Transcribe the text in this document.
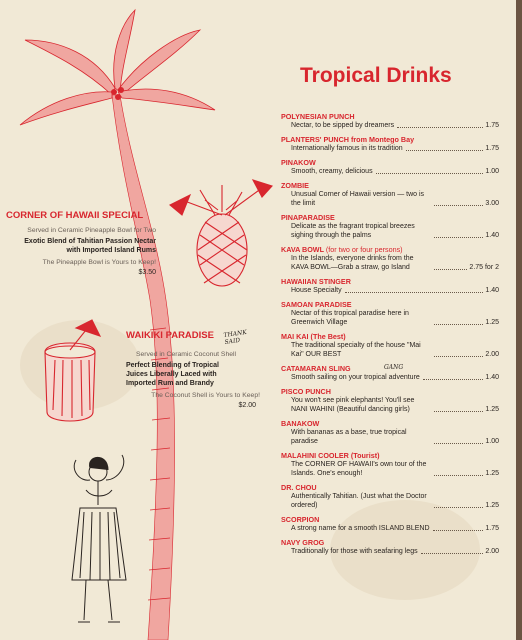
Tropical Drinks
CORNER OF HAWAII SPECIAL
Served in Ceramic Pineapple Bowl for Two
Exotic Blend of Tahitian Passion Nectar with Imported Island Rums
The Pineapple Bowl is Yours to Keep!
$3.50
WAIKIKI PARADISE
Served in Ceramic Coconut Shell
Perfect Blending of Tropical Juices Liberally Laced with Imported Rum and Brandy
The Coconut Shell is Yours to Keep!
$2.00
THANK SAID
GANG
POLYNESIAN PUNCH
Nectar, to be sipped by dreamers	1.75
PLANTERS' PUNCH from Montego Bay
Internationally famous in its tradition	1.75
PINAKOW
Smooth, creamy, delicious	1.00
ZOMBIE
Unusual Corner of Hawaii version — two is the limit	3.00
PINAPARADISE
Delicate as the fragrant tropical breezes sighing through the palms	1.40
KAVA BOWL (for two or four persons)
In the Islands, everyone drinks from the KAVA BOWL—Grab a straw, go Island	2.75 for 2
HAWAIIAN STINGER
House Specialty	1.40
SAMOAN PARADISE
Nectar of this tropical paradise here in Greenwich Village	1.25
MAI KAI (The Best)
The traditional specialty of the house "Mai Kai" OUR BEST	2.00
CATAMARAN SLING
Smooth sailing on your tropical adventure	1.40
PISCO PUNCH
You won't see pink elephants! You'll see NANI WAHINI (Beautiful dancing girls)	1.25
BANAKOW
With bananas as a base, true tropical paradise	1.00
MALAHINI COOLER (Tourist)
The CORNER OF HAWAII's own tour of the Islands. One's enough!	1.25
DR. CHOU
Authentically Tahitian. (Just what the Doctor ordered)	1.25
SCORPION
A strong name for a smooth ISLAND BLEND	1.75
NAVY GROG
Traditionally for those with seafaring legs	2.00
